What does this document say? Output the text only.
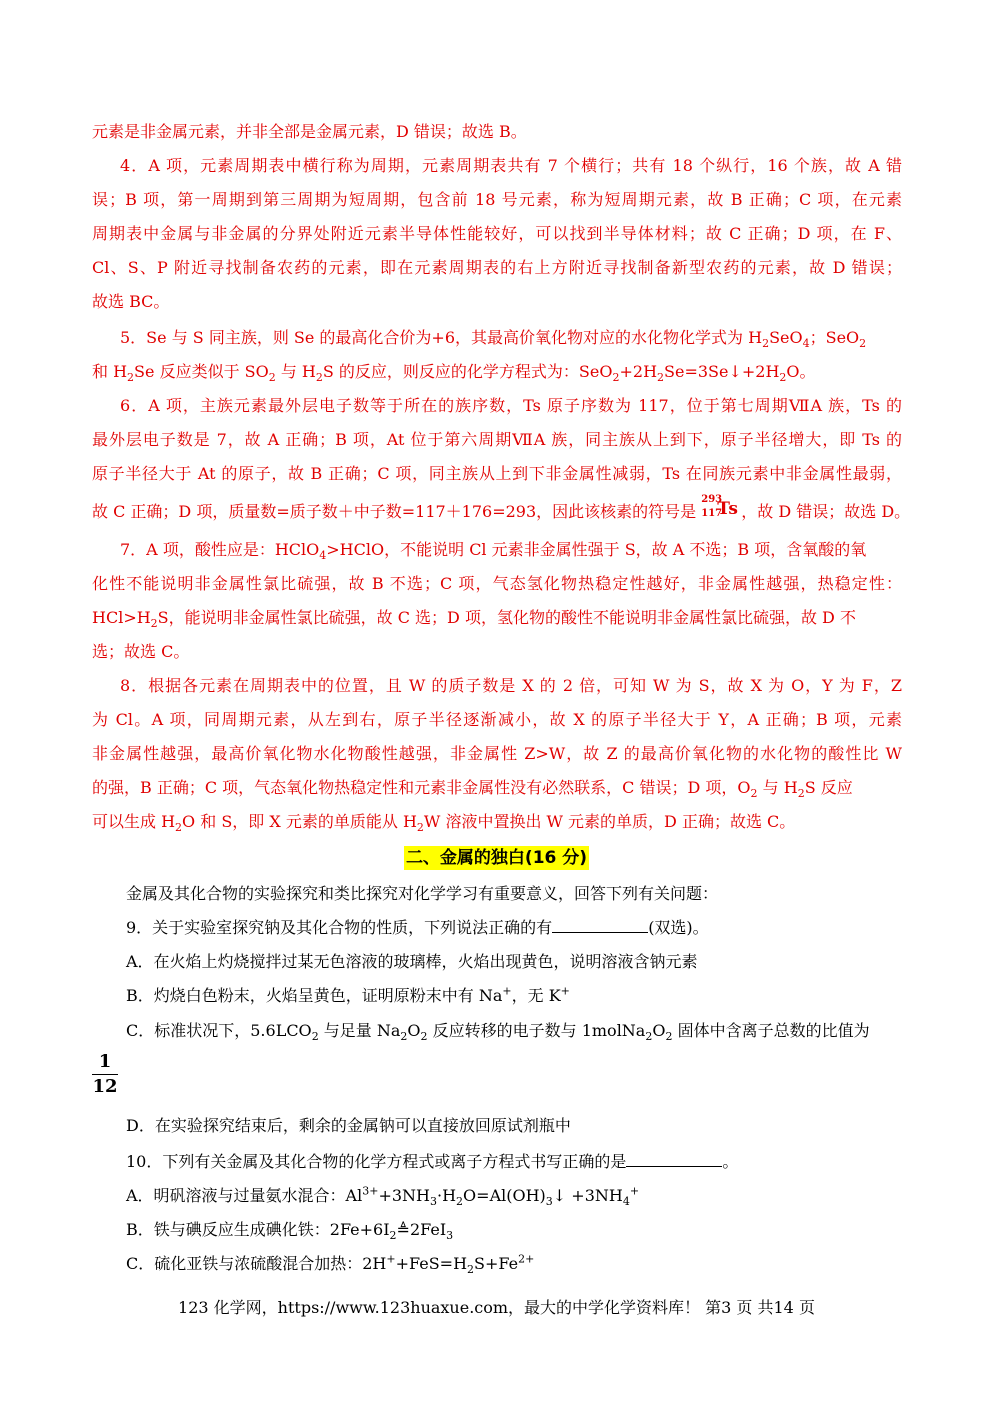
元素是非金属元素，并非全部是金属元素，D 错误；故选 B。
4．A 项，元素周期表中横行称为周期，元素周期表共有 7 个横行；共有 18 个纵行，16 个族，故 A 错
误；B 项，第一周期到第三周期为短周期，包含前 18 号元素，称为短周期元素，故 B 正确；C 项，在元素
周期表中金属与非金属的分界处附近元素半导体性能较好，可以找到半导体材料；故 C 正确；D 项，在 F、
Cl、S、P 附近寻找制备农药的元素，即在元素周期表的右上方附近寻找制备新型农药的元素，故 D 错误；
故选 BC。
5．Se 与 S 同主族，则 Se 的最高化合价为+6，其最高价氧化物对应的水化物化学式为 $H_2SeO_4$；SeO$_2$
和 $H_2Se$ 反应类似于 $SO_2$ 与 $H_2S$ 的反应，则反应的化学方程式为：$SeO_2+2H_2Se=3Se↓+2H_2O$。
6．A 项，主族元素最外层电子数等于所在的族序数，Ts 原子序数为 117，位于第七周期ⅦA 族，Ts 的
最外层电子数是 7，故 A 正确；B 项，At 位于第六周期ⅦA 族，同主族从上到下，原子半径增大，即 Ts 的
原子半径大于 At 的原子，故 B 正确；C 项，同主族从上到下非金属性减弱，Ts 在同族元素中非金属性最弱，
故 C 正确；D 项，质量数=质子数＋中子数=117＋176=293，因此该核素的符号是
293
117
Ts ，故 D 错误；故选 D。
7．A 项，酸性应是：HClO$_4$>HClO，不能说明 Cl 元素非金属性强于 S，故 A 不选；B 项，含氧酸的氧
化性不能说明非金属性氯比硫强，故 B 不选；C 项，气态氢化物热稳定性越好，非金属性越强，热稳定性：
$HCl>H_2S$，能说明非金属性氯比硫强，故 C 选；D 项，氢化物的酸性不能说明非金属性氯比硫强，故 D 不
选；故选 C。
8．根据各元素在周期表中的位置，且 W 的质子数是 X 的 2 倍，可知 W 为 S，故 X 为 O，Y 为 F，Z
为 Cl。A 项，同周期元素，从左到右，原子半径逐渐减小，故 X 的原子半径大于 Y，A 正确；B 项，元素
非金属性越强，最高价氧化物水化物酸性越强，非金属性 Z>W，故 Z 的最高价氧化物的水化物的酸性比 W
的强，B 正确；C 项，气态氧化物热稳定性和元素非金属性没有必然联系，C 错误；D 项，$O_2$ 与 $H_2S$ 反应
可以生成 $H_2O$ 和 S，即 X 元素的单质能从 $H_2W$ 溶液中置换出 W 元素的单质，D 正确；故选 C。
二、金属的独白(16 分)
金属及其化合物的实验探究和类比探究对化学学习有重要意义，回答下列有关问题：
9．关于实验室探究钠及其化合物的性质，下列说法正确的有	(双选)。
A．在火焰上灼烧搅拌过某无色溶液的玻璃棒，火焰出现黄色，说明溶液含钠元素
B．灼烧白色粉末，火焰呈黄色，证明原粉末中有 Na+，无 K+
C．标准状况下，$5.6LCO_2$ 与足量 $Na_2O_2$ 反应转移的电子数与 $1molNa_2O_2$ 固体中含离子总数的比值为
$\frac{1}{12}$
D．在实验探究结束后，剩余的金属钠可以直接放回原试剂瓶中
10．下列有关金属及其化合物的化学方程式或离子方程式书写正确的是	。
A．明矾溶液与过量氨水混合：$Al^{3+}+3NH_3\cdot H_2O=Al(OH)_3↓ +3NH_4^+$
B．铁与碘反应生成碘化铁：$2Fe+6I_2≜2FeI_3$
C．硫化亚铁与浓硫酸混合加热：$2H^++FeS=H_2S+Fe^{2+}$
123 化学网，https://www.123huaxue.com，最大的中学化学资料库！ 第3 页 共14 页
